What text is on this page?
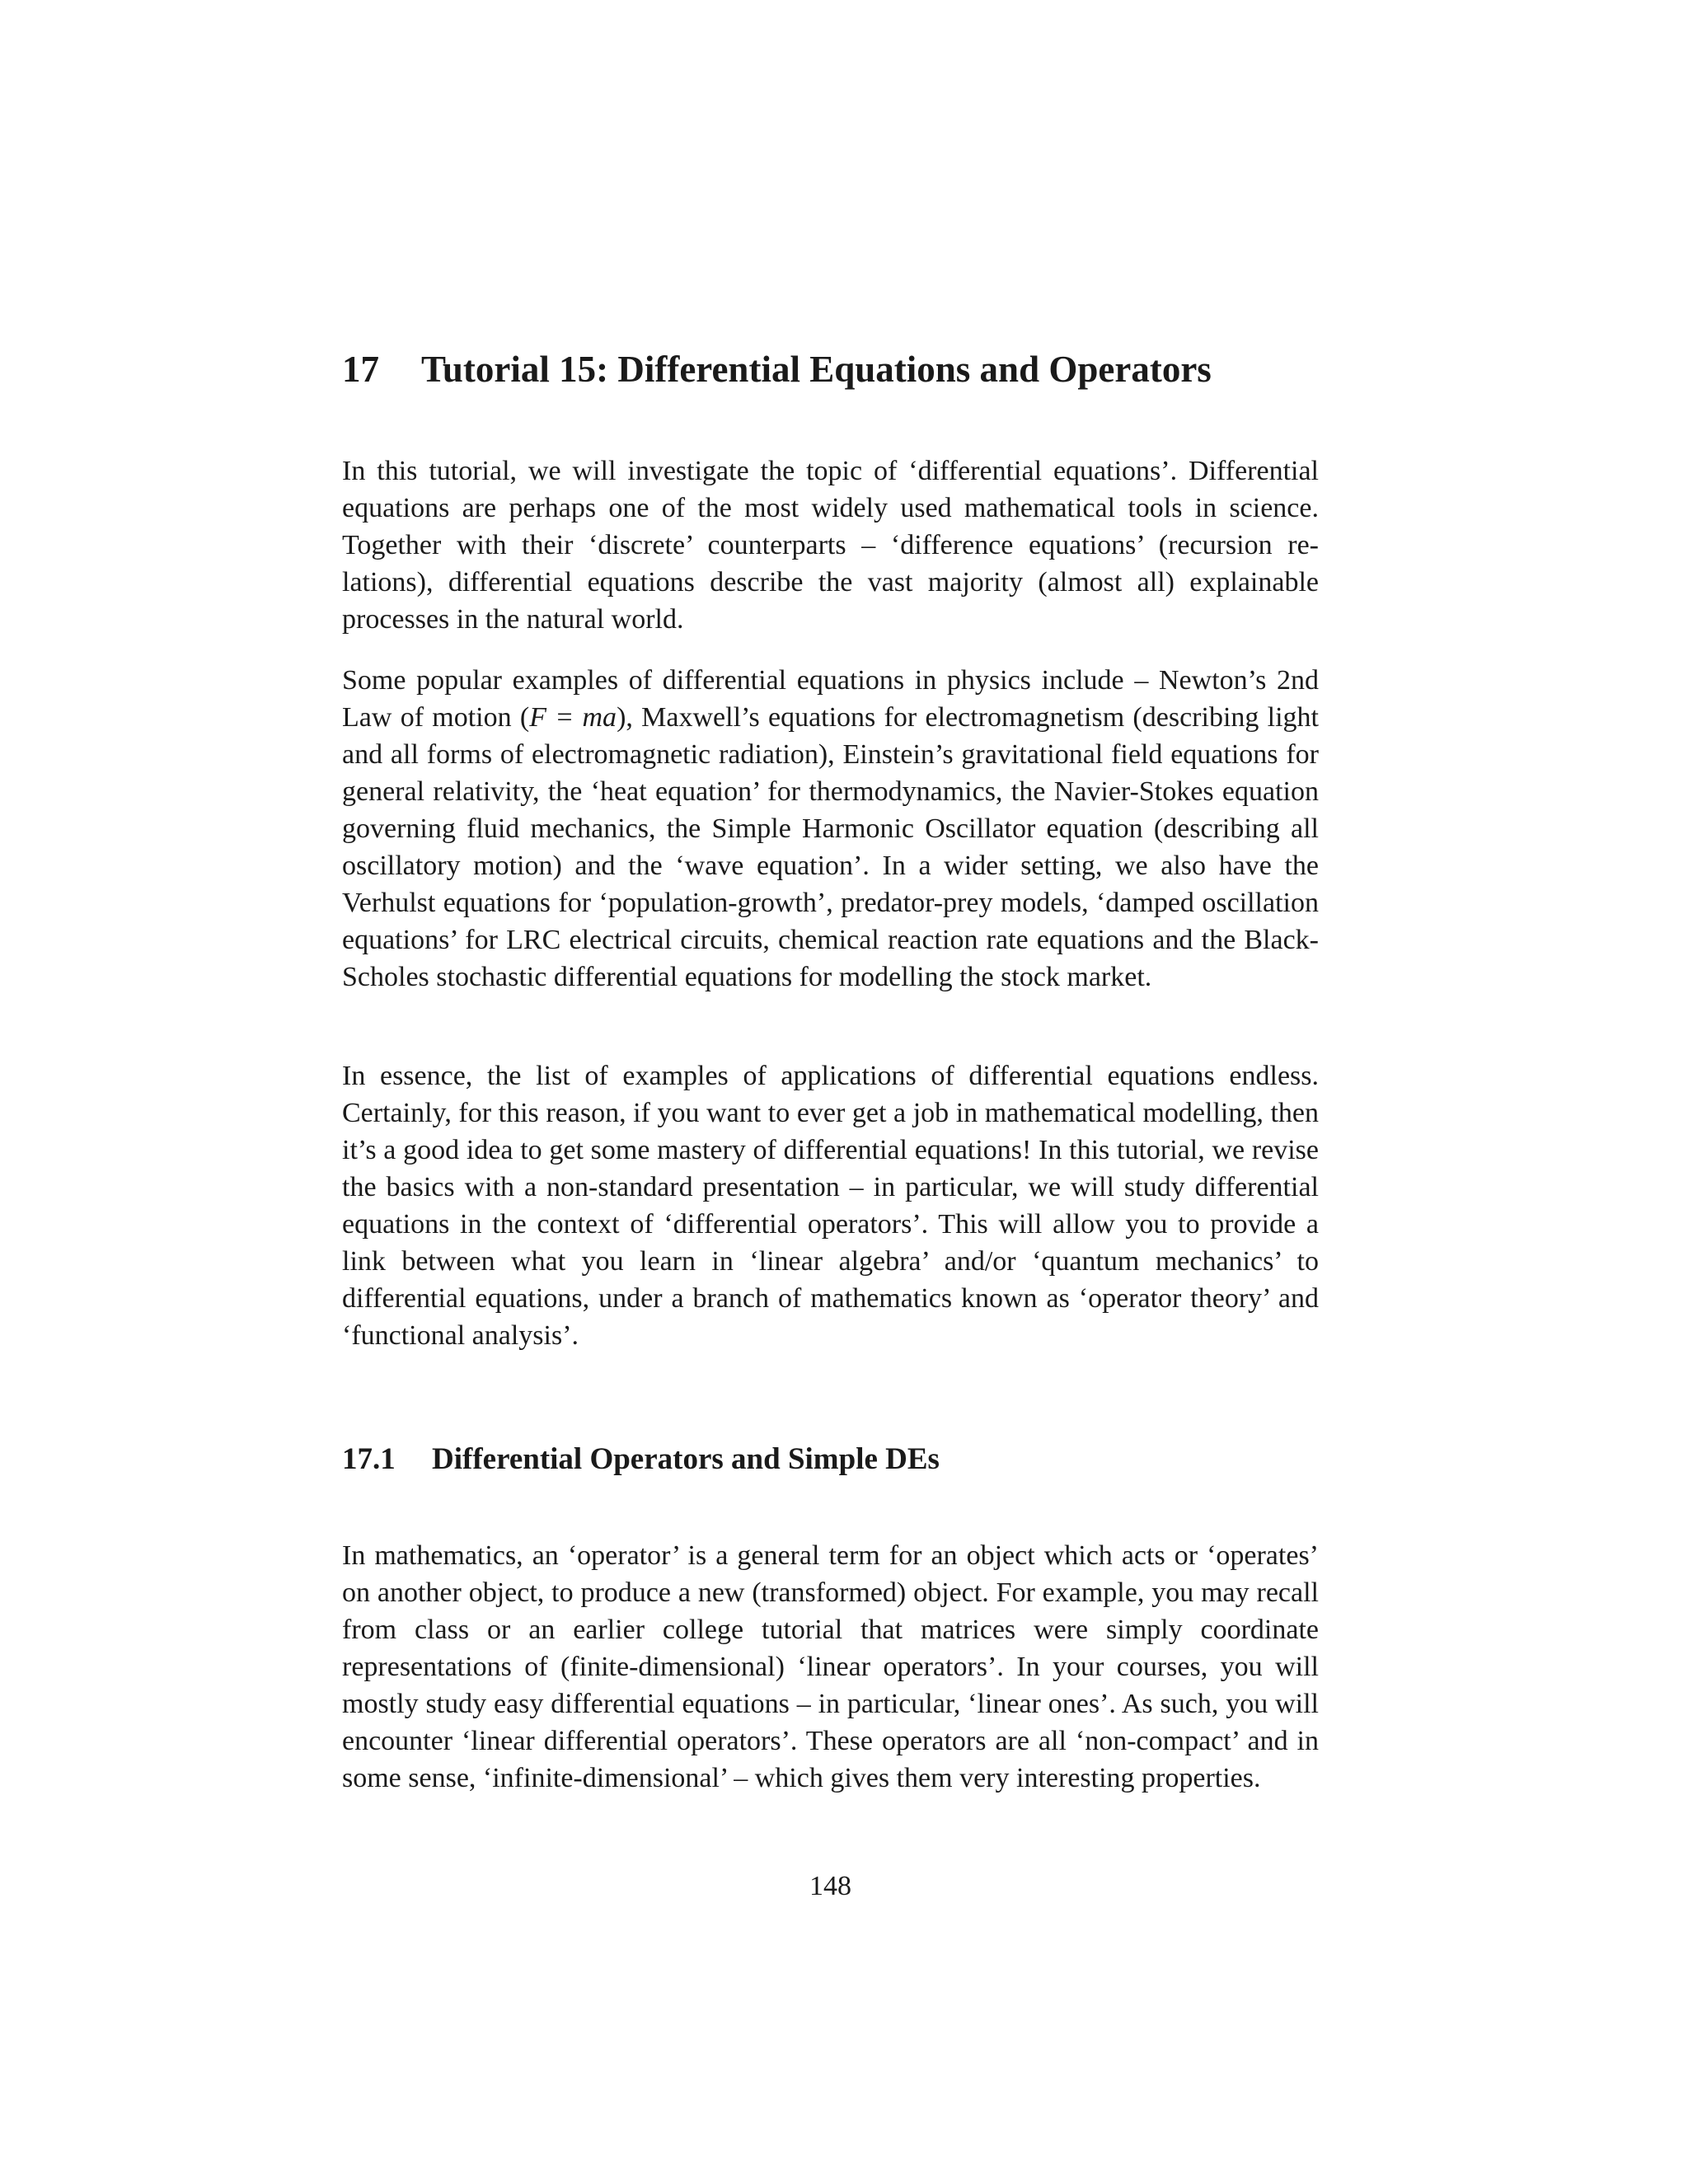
17 Tutorial 15: Differential Equations and Operators

In this tutorial, we will investigate the topic of ‘differential equations’. Differential equations are perhaps one of the most widely used mathematical tools in science. Together with their ‘discrete’ counterparts – ‘difference equations’ (recursion relations), differential equations describe the vast majority (almost all) explainable processes in the natural world.

Some popular examples of differential equations in physics include – Newton’s 2nd Law of motion (F = ma), Maxwell’s equations for electromagnetism (describing light and all forms of electromagnetic radiation), Einstein’s gravitational field equations for general relativity, the ‘heat equation’ for thermodynamics, the Navier-Stokes equation governing fluid mechanics, the Simple Harmonic Oscillator equation (describing all oscillatory motion) and the ‘wave equation’. In a wider setting, we also have the Verhulst equations for ‘population-growth’, predator-prey models, ‘damped oscillation equations’ for LRC electrical circuits, chemical reaction rate equations and the Black-Scholes stochastic differential equations for modelling the stock market.

In essence, the list of examples of applications of differential equations endless. Certainly, for this reason, if you want to ever get a job in mathematical modelling, then it’s a good idea to get some mastery of differential equations! In this tutorial, we revise the basics with a non-standard presentation – in particular, we will study differential equations in the context of ‘differential operators’. This will allow you to provide a link between what you learn in ‘linear algebra’ and/or ‘quantum mechanics’ to differential equations, under a branch of mathematics known as ‘operator theory’ and ‘functional analysis’.

17.1 Differential Operators and Simple DEs

In mathematics, an ‘operator’ is a general term for an object which acts or ‘operates’ on another object, to produce a new (transformed) object. For example, you may recall from class or an earlier college tutorial that matrices were simply coordinate representations of (finite-dimensional) ‘linear operators’. In your courses, you will mostly study easy differential equations – in particular, ‘linear ones’. As such, you will encounter ‘linear differential operators’. These operators are all ‘non-compact’ and in some sense, ‘infinite-dimensional’ – which gives them very interesting properties.

148
